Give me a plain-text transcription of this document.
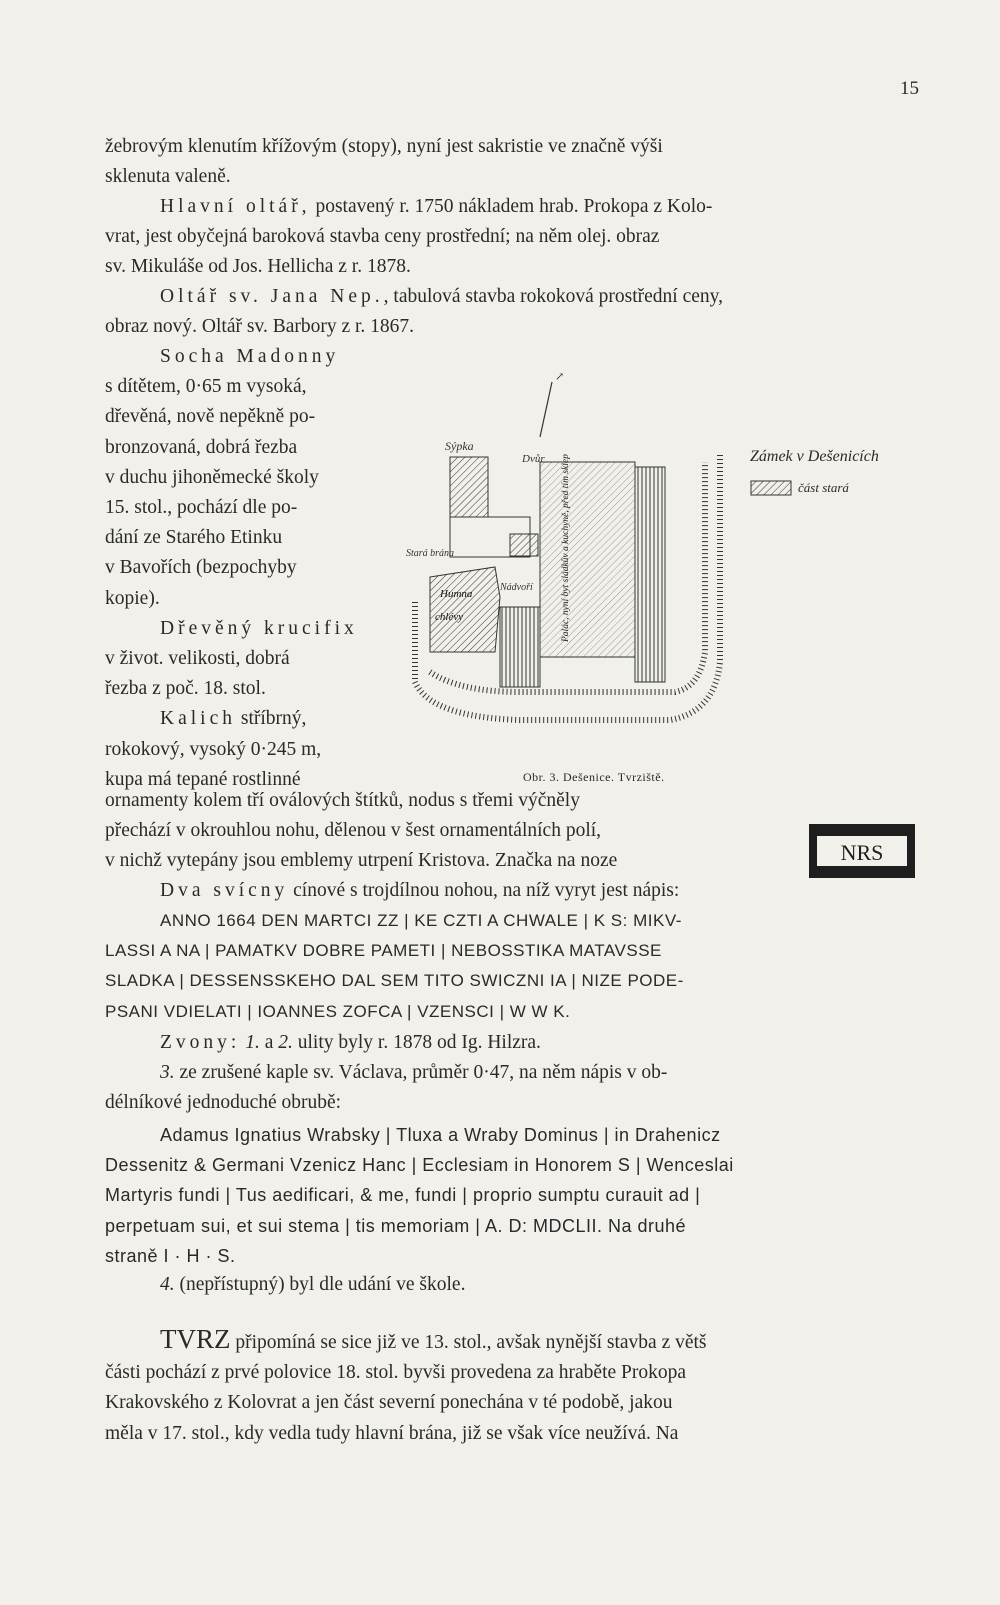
15
žebrovým klenutím křížovým (stopy), nyní jest sakristie ve značně výši
sklenuta valeně.
Hlavní oltář, postavený r. 1750 nákladem hrab. Prokopa z Kolo-
vrat, jest obyčejná baroková stavba ceny prostřední; na něm olej. obraz
sv. Mikuláše od Jos. Hellicha z r. 1878.
Oltář sv. Jana Nep., tabulová stavba rokoková prostřední ceny,
obraz nový. Oltář sv. Barbory z r. 1867.
Socha Madonny
s dítětem, 0·65 m vysoká,
dřevěná, nově nepěkně po-
bronzovaná, dobrá řezba
v duchu jihoněmecké školy
15. stol., pochází dle po-
dání ze Starého Etinku
v Bavořích (bezpochyby
kopie).
Dřevěný krucifix
v život. velikosti, dobrá
řezba z poč. 18. stol.
Kalich stříbrný,
rokokový, vysoký 0·245 m,
kupa má tepané rostlinné
ornamenty kolem tří oválových štítků, nodus s třemi výčněly
přechází v okrouhlou nohu, dělenou v šest ornamentálních polí,
v nichž vytepány jsou emblemy utrpení Kristova. Značka na noze	NRS
Dva svícny cínové s trojdílnou nohou, na níž vyryt jest nápis:
ANNO 1664 DEN MARTCI ZZ | KE CZTI A CHWALE | K S: MIKV-
LASSI A NA | PAMATKV DOBRE PAMETI | NEBOSSTIKA MATAVSSE
SLADKA | DESSENSSKEHO DAL SEM TITO SWICZNI IA | NIZE PODE-
PSANI VDIELATI | IOANNES ZOFCA | VZENSCI | W W K.
Zvony: 1. a 2. ulity byly r. 1878 od Ig. Hilzra.
3. ze zrušené kaple sv. Václava, průměr 0·47, na něm nápis v ob-
délníkové jednoduché obrubě:
Adamus Ignatius Wrabsky | Tluxa a Wraby Dominus | in Drahenicz
Dessenitz & Germani Vzenicz Hanc | Ecclesiam in Honorem S | Wenceslai
Martyris fundi | Tus aedificari, & me, fundi | proprio sumptu curauit ad |
perpetuam sui, et sui stema | tis memoriam | A. D: MDCLII. Na druhé
straně I · H · S.
4. (nepřístupný) byl dle udání ve škole.
TVRZ připomíná se sice již ve 13. stol., avšak nynější stavba z větš
části pochází z prvé polovice 18. stol. byvši provedena za hraběte Prokopa
Krakovského z Kolovrat a jen část severní ponechána v té podobě, jakou
měla v 17. stol., kdy vedla tudy hlavní brána, již se však více neužívá. Na
↗
Sýpka
Dvůr
Stará brána
Nádvoří
Humna
chlévy	Palác, nyní byt sládkův a kuchyně, před tím sklep
Obr. 3. Dešenice. Tvrziště.
Zámek v Dešenicích
část stará
